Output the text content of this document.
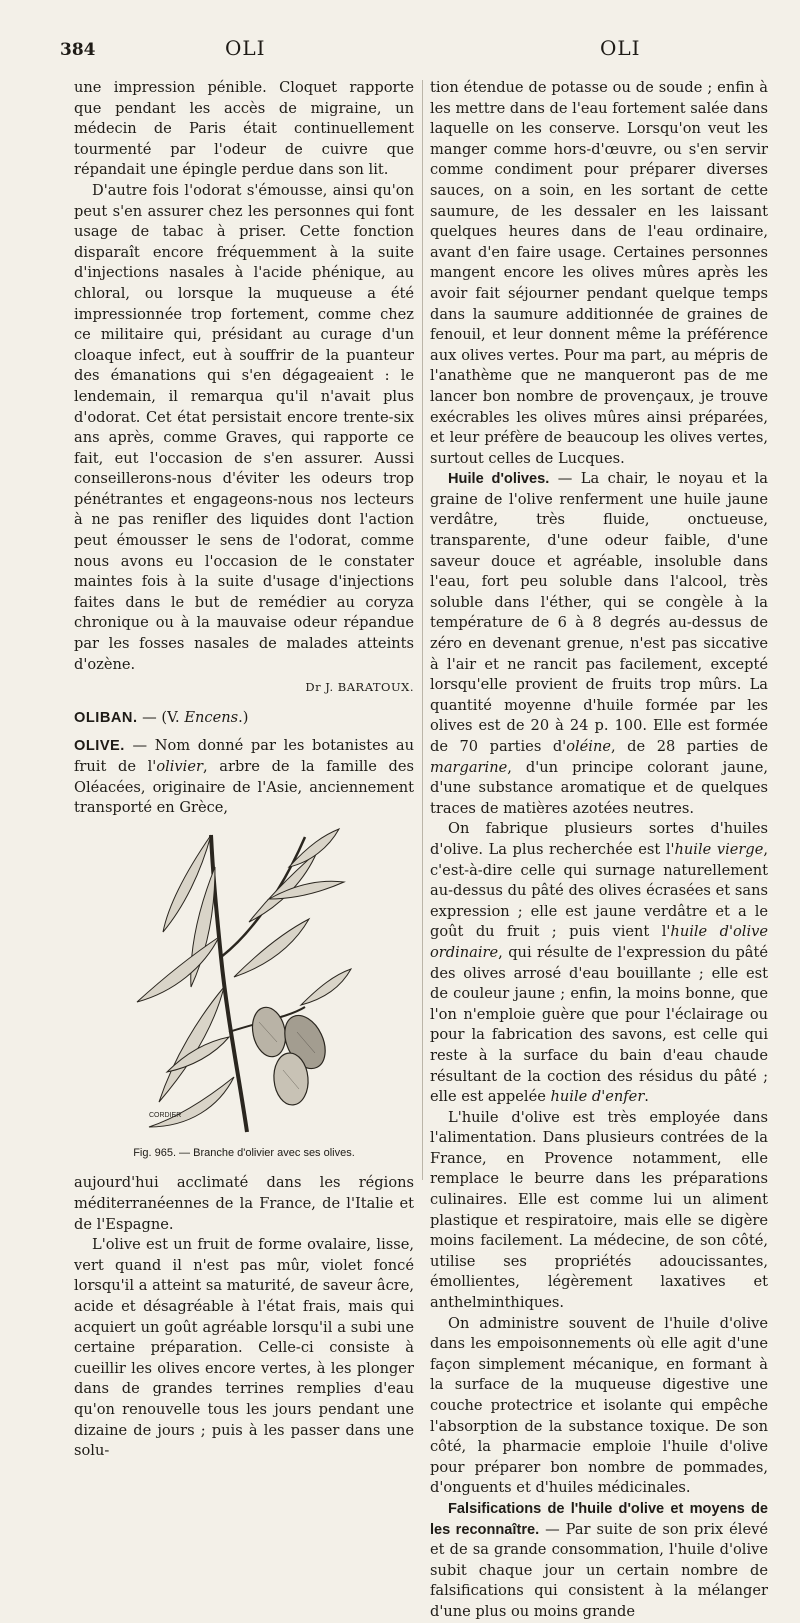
384	OLI	OLI

une impression pénible. Cloquet rapporte que pendant les accès de migraine, un médecin de Paris était continuellement tourmenté par l'odeur de cuivre que répandait une épingle perdue dans son lit.

D'autre fois l'odorat s'émousse, ainsi qu'on peut s'en assurer chez les personnes qui font usage de tabac à priser. Cette fonction disparaît encore fréquemment à la suite d'injections nasales à l'acide phénique, au chloral, ou lorsque la muqueuse a été impressionnée trop fortement, comme chez ce militaire qui, présidant au curage d'un cloaque infect, eut à souffrir de la puanteur des émanations qui s'en dégageaient : le lendemain, il remarqua qu'il n'avait plus d'odorat. Cet état persistait encore trente-six ans après, comme Graves, qui rapporte ce fait, eut l'occasion de s'en assurer. Aussi conseillerons-nous d'éviter les odeurs trop pénétrantes et engageons-nous nos lecteurs à ne pas renifler des liquides dont l'action peut émousser le sens de l'odorat, comme nous avons eu l'occasion de le constater maintes fois à la suite d'usage d'injections faites dans le but de remédier au coryza chronique ou à la mauvaise odeur répandue par les fosses nasales de malades atteints d'ozène.

Dr J. BARATOUX.

OLIBAN. — (V. Encens.)

OLIVE. — Nom donné par les botanistes au fruit de l'olivier, arbre de la famille des Oléacées, originaire de l'Asie, anciennement transporté en Grèce,

CORDIER

Fig. 965. — Branche d'olivier avec ses olives.

aujourd'hui acclimaté dans les régions méditerranéennes de la France, de l'Italie et de l'Espagne.

L'olive est un fruit de forme ovalaire, lisse, vert quand il n'est pas mûr, violet foncé lorsqu'il a atteint sa maturité, de saveur âcre, acide et désagréable à l'état frais, mais qui acquiert un goût agréable lorsqu'il a subi une certaine préparation. Celle-ci consiste à cueillir les olives encore vertes, à les plonger dans de grandes terrines remplies d'eau qu'on renouvelle tous les jours pendant une dizaine de jours ; puis à les passer dans une solu-

tion étendue de potasse ou de soude ; enfin à les mettre dans de l'eau fortement salée dans laquelle on les conserve. Lorsqu'on veut les manger comme hors-d'œuvre, ou s'en servir comme condiment pour préparer diverses sauces, on a soin, en les sortant de cette saumure, de les dessaler en les laissant quelques heures dans de l'eau ordinaire, avant d'en faire usage. Certaines personnes mangent encore les olives mûres après les avoir fait séjourner pendant quelque temps dans la saumure additionnée de graines de fenouil, et leur donnent même la préférence aux olives vertes. Pour ma part, au mépris de l'anathème que ne manqueront pas de me lancer bon nombre de provençaux, je trouve exécrables les olives mûres ainsi préparées, et leur préfère de beaucoup les olives vertes, surtout celles de Lucques.

Huile d'olives. — La chair, le noyau et la graine de l'olive renferment une huile jaune verdâtre, très fluide, onctueuse, transparente, d'une odeur faible, d'une saveur douce et agréable, insoluble dans l'eau, fort peu soluble dans l'alcool, très soluble dans l'éther, qui se congèle à la température de 6 à 8 degrés au-dessus de zéro en devenant grenue, n'est pas siccative à l'air et ne rancit pas facilement, excepté lorsqu'elle provient de fruits trop mûrs. La quantité moyenne d'huile formée par les olives est de 20 à 24 p. 100. Elle est formée de 70 parties d'oléine, de 28 parties de margarine, d'un principe colorant jaune, d'une substance aromatique et de quelques traces de matières azotées neutres.

On fabrique plusieurs sortes d'huiles d'olive. La plus recherchée est l'huile vierge, c'est-à-dire celle qui surnage naturellement au-dessus du pâté des olives écrasées et sans expression ; elle est jaune verdâtre et a le goût du fruit ; puis vient l'huile d'olive ordinaire, qui résulte de l'expression du pâté des olives arrosé d'eau bouillante ; elle est de couleur jaune ; enfin, la moins bonne, que l'on n'emploie guère que pour l'éclairage ou pour la fabrication des savons, est celle qui reste à la surface du bain d'eau chaude résultant de la coction des résidus du pâté ; elle est appelée huile d'enfer.

L'huile d'olive est très employée dans l'alimentation. Dans plusieurs contrées de la France, en Provence notamment, elle remplace le beurre dans les préparations culinaires. Elle est comme lui un aliment plastique et respiratoire, mais elle se digère moins facilement. La médecine, de son côté, utilise ses propriétés adoucissantes, émollientes, légèrement laxatives et anthelminthiques.

On administre souvent de l'huile d'olive dans les empoisonnements où elle agit d'une façon simplement mécanique, en formant à la surface de la muqueuse digestive une couche protectrice et isolante qui empêche l'absorption de la substance toxique. De son côté, la pharmacie emploie l'huile d'olive pour préparer bon nombre de pommades, d'onguents et d'huiles médicinales.

Falsifications de l'huile d'olive et moyens de les reconnaître. — Par suite de son prix élevé et de sa grande consommation, l'huile d'olive subit chaque jour un certain nombre de falsifications qui consistent à la mélanger d'une plus ou moins grande
